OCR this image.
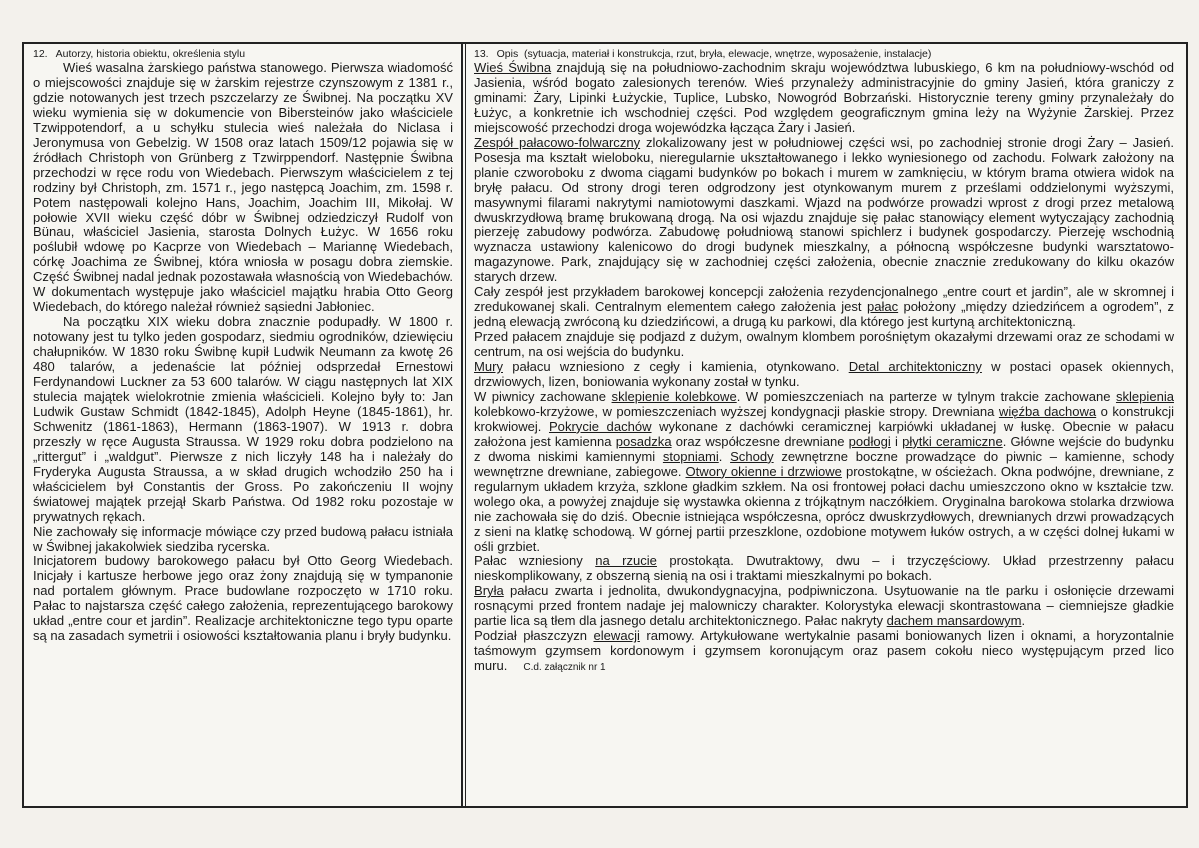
12. Autorzy, historia obiektu, określenia stylu

Wieś wasalna żarskiego państwa stanowego. Pierwsza wiadomość o miejscowości znajduje się w żarskim rejestrze czynszowym z 1381 r., gdzie notowanych jest trzech pszczelarzy ze Świbnej. Na początku XV wieku wymienia się w dokumencie von Bibersteinów jako właściciele Tzwippotendorf, a u schyłku stulecia wieś należała do Niclasa i Jeronymusa von Gebelzig. W 1508 oraz latach 1509/12 pojawia się w źródłach Christoph von Grünberg z Tzwirppendorf. Następnie Świbna przechodzi w ręce rodu von Wiedebach. Pierwszym właścicielem z tej rodziny był Christoph, zm. 1571 r., jego następcą Joachim, zm. 1598 r. Potem następowali kolejno Hans, Joachim, Joachim III, Mikołaj. W połowie XVII wieku część dóbr w Świbnej odziedziczył Rudolf von Bünau, właściciel Jasienia, starosta Dolnych Łużyc. W 1656 roku poślubił wdowę po Kacprze von Wiedebach – Mariannę Wiedebach, córkę Joachima ze Świbnej, która wniosła w posagu dobra ziemskie. Część Świbnej nadal jednak pozostawała własnością von Wiedebachów. W dokumentach występuje jako właściciel majątku hrabia Otto Georg Wiedebach, do którego należał również sąsiedni Jabłoniec.

Na początku XIX wieku dobra znacznie podupadły. W 1800 r. notowany jest tu tylko jeden gospodarz, siedmiu ogrodników, dziewięciu chałupników. W 1830 roku Świbnę kupił Ludwik Neumann za kwotę 26 480 talarów, a jedenaście lat później odsprzedał Ernestowi Ferdynandowi Luckner za 53 600 talarów. W ciągu następnych lat XIX stulecia majątek wielokrotnie zmienia właścicieli. Kolejno były to: Jan Ludwik Gustaw Schmidt (1842-1845), Adolph Heyne (1845-1861), hr. Schwenitz (1861-1863), Hermann (1863-1907). W 1913 r. dobra przeszły w ręce Augusta Straussa. W 1929 roku dobra podzielono na „rittergut” i „waldgut”. Pierwsze z nich liczyły 148 ha i należały do Fryderyka Augusta Straussa, a w skład drugich wchodziło 250 ha i właścicielem był Constantis der Gross. Po zakończeniu II wojny światowej majątek przejął Skarb Państwa. Od 1982 roku pozostaje w prywatnych rękach.

Nie zachowały się informacje mówiące czy przed budową pałacu istniała w Świbnej jakakolwiek siedziba rycerska.

Inicjatorem budowy barokowego pałacu był Otto Georg Wiedebach. Inicjały i kartusze herbowe jego oraz żony znajdują się w tympanonie nad portalem głównym. Prace budowlane rozpoczęto w 1710 roku. Pałac to najstarsza część całego założenia, reprezentującego barokowy układ „entre cour et jardin”. Realizacje architektoniczne tego typu oparte są na zasadach symetrii i osiowości kształtowania planu i bryły budynku.

13. Opis (sytuacja, materiał i konstrukcja, rzut, bryła, elewacje, wnętrze, wyposażenie, instalacje)

Wieś Świbna znajdują się na południowo-zachodnim skraju województwa lubuskiego, 6 km na południowy-wschód od Jasienia, wśród bogato zalesionych terenów. Wieś przynależy administracyjnie do gminy Jasień, która graniczy z gminami: Żary, Lipinki Łużyckie, Tuplice, Lubsko, Nowogród Bobrzański. Historycznie tereny gminy przynależały do Łużyc, a konkretnie ich wschodniej części. Pod względem geograficznym gmina leży na Wyżynie Żarskiej. Przez miejscowość przechodzi droga wojewódzka łącząca Żary i Jasień.

Zespół pałacowo-folwarczny zlokalizowany jest w południowej części wsi, po zachodniej stronie drogi Żary – Jasień. Posesja ma kształt wieloboku, nieregularnie ukształtowanego i lekko wyniesionego od zachodu. Folwark założony na planie czworoboku z dwoma ciągami budynków po bokach i murem w zamknięciu, w którym brama otwiera widok na bryłę pałacu. Od strony drogi teren odgrodzony jest otynkowanym murem z prześlami oddzielonymi wyższymi, masywnymi filarami nakrytymi namiotowymi daszkami. Wjazd na podwórze prowadzi wprost z drogi przez metalową dwuskrzydłową bramę brukowaną drogą. Na osi wjazdu znajduje się pałac stanowiący element wytyczający zachodnią pierzeję zabudowy podwórza. Zabudowę południową stanowi spichlerz i budynek gospodarczy. Pierzeję wschodnią wyznacza ustawiony kalenicowo do drogi budynek mieszkalny, a północną współczesne budynki warsztatowo-magazynowe. Park, znajdujący się w zachodniej części założenia, obecnie znacznie zredukowany do kilku okazów starych drzew.

Cały zespół jest przykładem barokowej koncepcji założenia rezydencjonalnego „entre court et jardin”, ale w skromnej i zredukowanej skali. Centralnym elementem całego założenia jest pałac położony „między dziedzińcem a ogrodem”, z jedną elewacją zwróconą ku dziedzińcowi, a drugą ku parkowi, dla którego jest kurtyną architektoniczną.

Przed pałacem znajduje się podjazd z dużym, owalnym klombem porośniętym okazałymi drzewami oraz ze schodami w centrum, na osi wejścia do budynku.

Mury pałacu wzniesiono z cegły i kamienia, otynkowano. Detal architektoniczny w postaci opasek okiennych, drzwiowych, lizen, boniowania wykonany został w tynku.

W piwnicy zachowane sklepienie kolebkowe. W pomieszczeniach na parterze w tylnym trakcie zachowane sklepienia kolebkowo-krzyżowe, w pomieszczeniach wyższej kondygnacji płaskie stropy. Drewniana więźba dachowa o konstrukcji krokwiowej. Pokrycie dachów wykonane z dachówki ceramicznej karpiówki układanej w łuskę. Obecnie w pałacu założona jest kamienna posadzka oraz współczesne drewniane podłogi i płytki ceramiczne. Główne wejście do budynku z dwoma niskimi kamiennymi stopniami. Schody zewnętrzne boczne prowadzące do piwnic – kamienne, schody wewnętrzne drewniane, zabiegowe. Otwory okienne i drzwiowe prostokątne, w ościeżach. Okna podwójne, drewniane, z regularnym układem krzyża, szklone gładkim szkłem. Na osi frontowej połaci dachu umieszczono okno w kształcie tzw. wolego oka, a powyżej znajduje się wystawka okienna z trójkątnym naczółkiem. Oryginalna barokowa stolarka drzwiowa nie zachowała się do dziś. Obecnie istniejąca współczesna, oprócz dwuskrzydłowych, drewnianych drzwi prowadzących z sieni na klatkę schodową. W górnej partii przeszklone, ozdobione motywem łuków ostrych, a w części dolnej łukami w ośli grzbiet.

Pałac wzniesiony na rzucie prostokąta. Dwutraktowy, dwu – i trzyczęściowy. Układ przestrzenny pałacu nieskomplikowany, z obszerną sienią na osi i traktami mieszkalnymi po bokach.

Bryła pałacu zwarta i jednolita, dwukondygnacyjna, podpiwniczona. Usytuowanie na tle parku i osłonięcie drzewami rosnącymi przed frontem nadaje jej malowniczy charakter. Kolorystyka elewacji skontrastowana – ciemniejsze gładkie partie lica są tłem dla jasnego detalu architektonicznego. Pałac nakryty dachem mansardowym.

Podział płaszczyzn elewacji ramowy. Artykułowane wertykalnie pasami boniowanych lizen i oknami, a horyzontalnie taśmowym gzymsem kordonowym i gzymsem koronującym oraz pasem cokołu nieco występującym przed lico muru. C.d. załącznik nr 1
